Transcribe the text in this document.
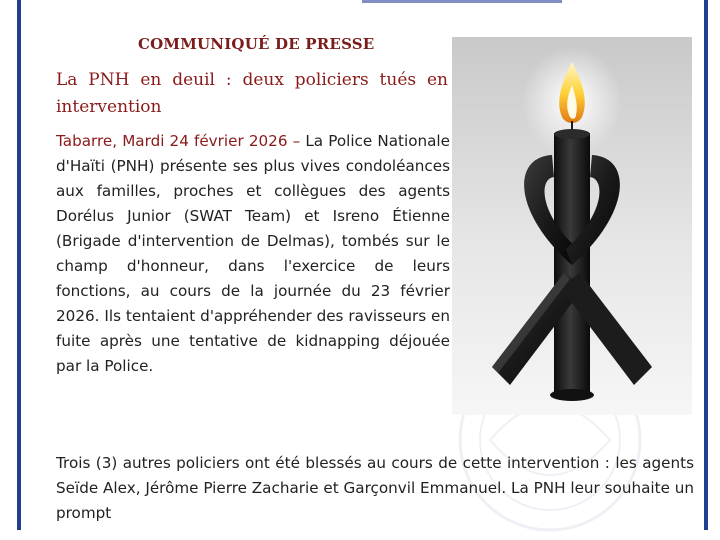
COMMUNIQUÉ DE PRESSE
La PNH en deuil : deux policiers tués en intervention
Tabarre, Mardi 24 février 2026 – La Police Nationale d'Haïti (PNH) présente ses plus vives condoléances aux familles, proches et collègues des agents Dorélus Junior (SWAT Team) et Isreno Étienne (Brigade d'intervention de Delmas), tombés sur le champ d'honneur, dans l'exercice de leurs fonctions, au cours de la journée du 23 février 2026. Ils tentaient d'appréhender des ravisseurs en fuite après une tentative de kidnapping déjouée par la Police.
Trois (3) autres policiers ont été blessés au cours de cette intervention : les agents Seïde Alex, Jérôme Pierre Zacharie et Garçonvil Emmanuel. La PNH leur souhaite un prompt
